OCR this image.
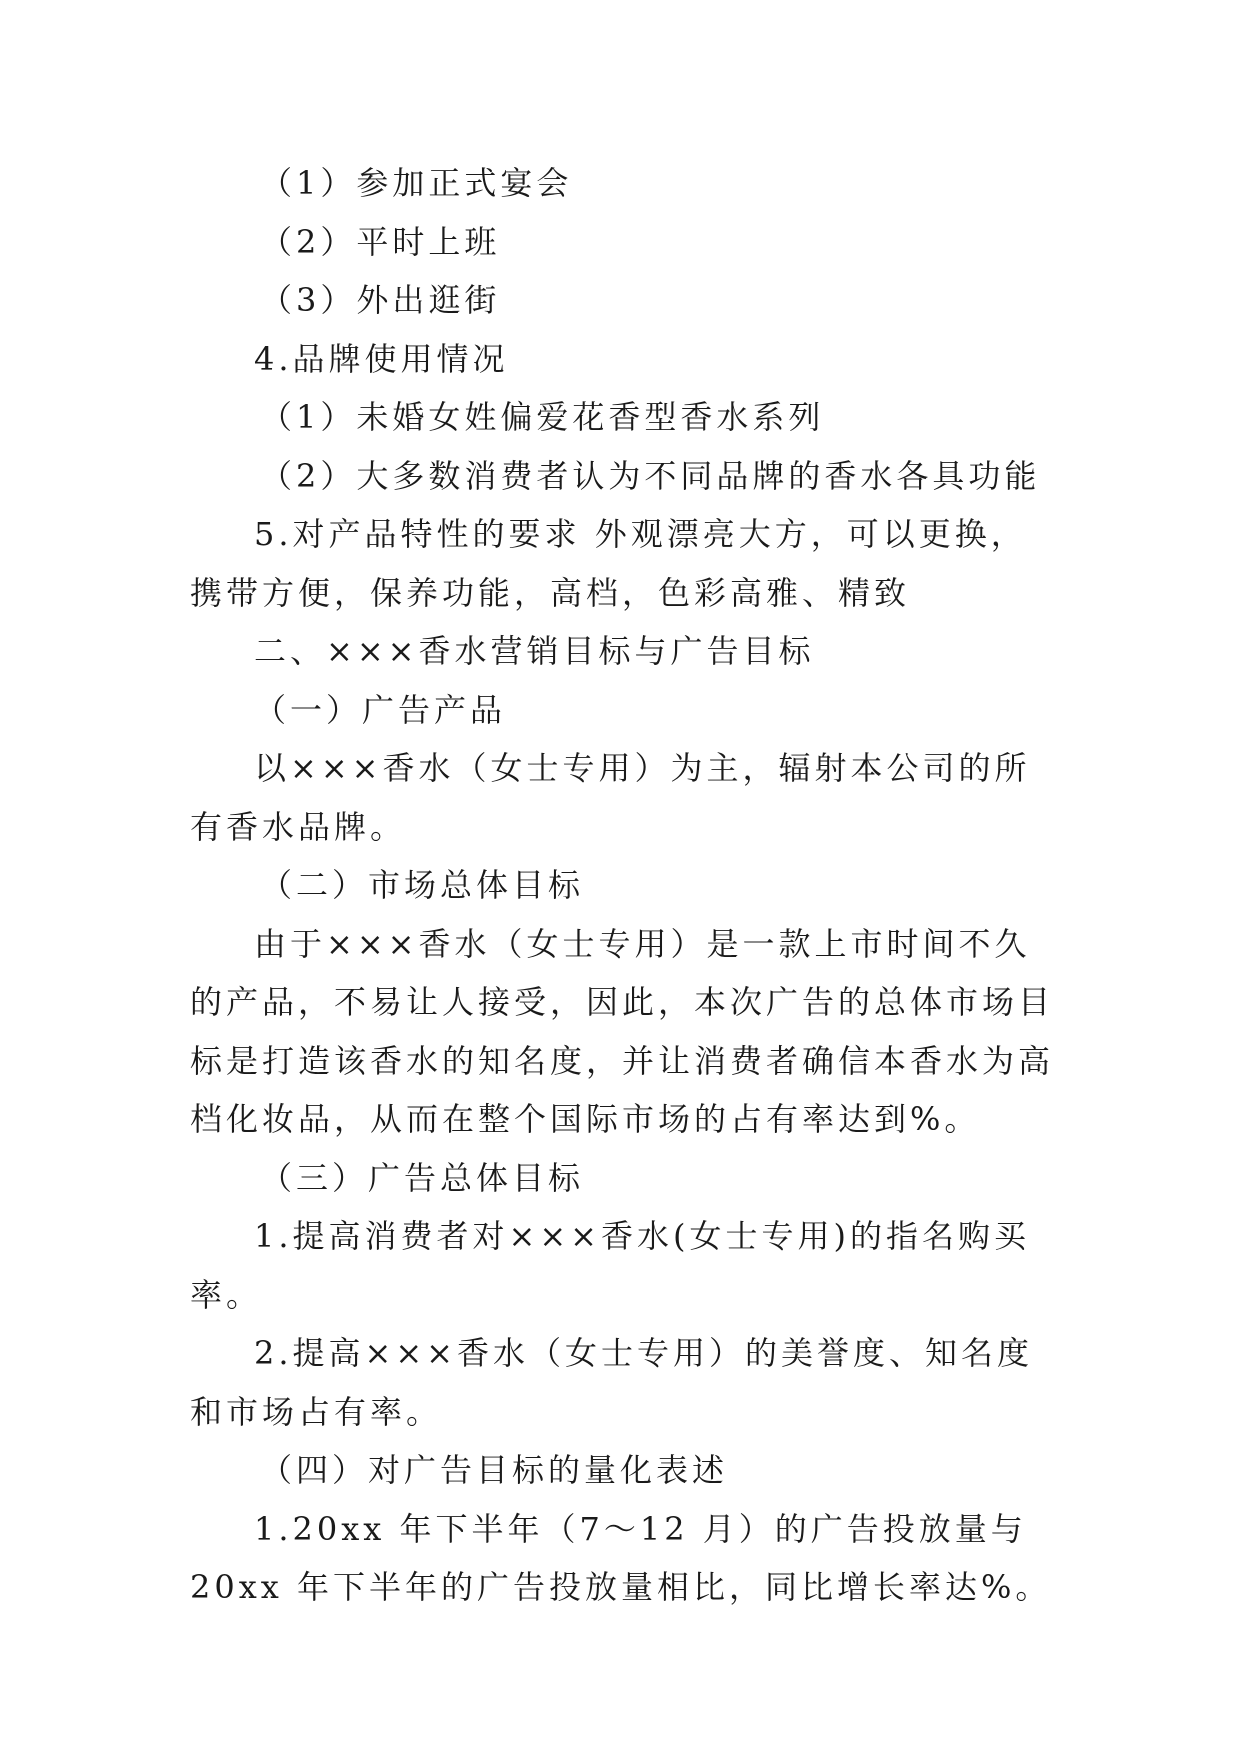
（1）参加正式宴会

（2）平时上班

（3）外出逛街

4.品牌使用情况

（1）未婚女姓偏爱花香型香水系列

（2）大多数消费者认为不同品牌的香水各具功能

5.对产品特性的要求 外观漂亮大方，可以更换，携带方便，保养功能，高档，色彩高雅、精致

二、×××香水营销目标与广告目标

（一）广告产品

以×××香水（女士专用）为主，辐射本公司的所有香水品牌。

（二）市场总体目标

由于×××香水（女士专用）是一款上市时间不久的产品，不易让人接受，因此，本次广告的总体市场目标是打造该香水的知名度，并让消费者确信本香水为高档化妆品，从而在整个国际市场的占有率达到%。

（三）广告总体目标

1.提高消费者对×××香水(女士专用)的指名购买率。

2.提高×××香水（女士专用）的美誉度、知名度和市场占有率。

（四）对广告目标的量化表述

1.20xx 年下半年（7～12 月）的广告投放量与 20xx 年下半年的广告投放量相比，同比增长率达%。
